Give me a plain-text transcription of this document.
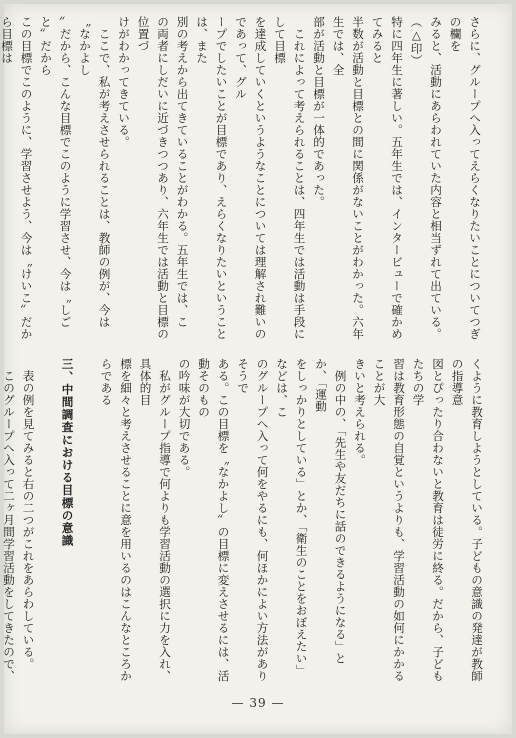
さらに、グループへ入ってえらくなりたいことについてつぎの欄を

みると、活動にあらわれていた内容と相当ずれて出ている。（△印）

特に四年生に著しい。五年生では、インタービューで確かめてみると

半数が活動と目標との間に関係がないことがわかった。六年生では、全

部が活動と目標が一体的であった。

　これによって考えられることは、四年生では活動は手段にして目標

を達成していくというようなことについては理解され難いのであって、グル

ープでしたいことが目標であり、えらくなりたいということは、また

別の考えから出てきていることがわかる。五年生では、こ

の両者にしだいに近づきつつあり、六年生では活動と目標の位置づ

けがわかってきている。

　ここで、私が考えさせられることは、教師の例が、今は〝なかよし

〟だから、こんな目標でこのように学習させ、今は〝しごと〟だから

この目標でこのように、学習させよう、今は〝けいこ〟だから目標は

くように教育しようとしている。子どもの意識の発達が教師の指導意

図とぴったり合わないと教育は徒労に終る。だから、子どもたちの学

習は教育形態の自覚というよりも、学習活動の如何にかかることが大

きいと考えられる。

　例の中の、「先生や友だちに話のできるようになる」とか、「運動

をしっかりとしている」とか、「衛生のことをおぼえたい」などは、こ

のグループへ入って何をやるにも、何ほかによい方法がありそうで

ある。この目標を〝なかよし〟の目標に変えさせるには、活動そのもの

の吟味が大切である。

　私がグループ指導で何よりも学習活動の選択に力を入れ、具体的目

標を細々と考えさせることに意を用いるのはこんなところからである

三、中間調査における目標の意識

　表の例を見てみると右の二つがこれをあらわしている。

　このグループへ入って二ヶ月間学習活動をしてきたので、

— 39 —
